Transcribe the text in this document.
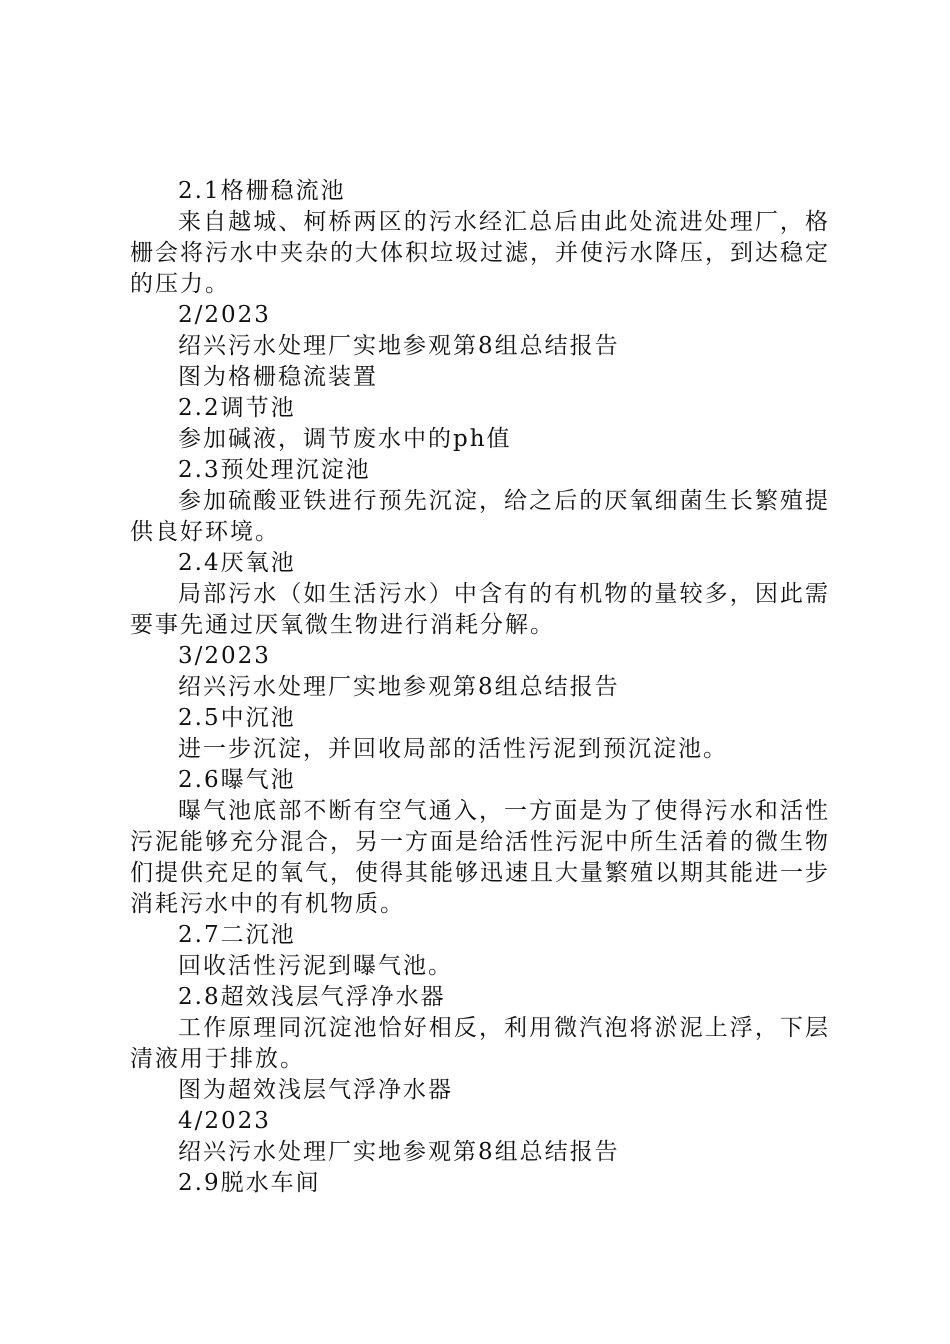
2.1格栅稳流池

来自越城、柯桥两区的污水经汇总后由此处流进处理厂，格栅会将污水中夹杂的大体积垃圾过滤，并使污水降压，到达稳定的压力。

2/2023

绍兴污水处理厂实地参观第8组总结报告

图为格栅稳流装置

2.2调节池

参加碱液，调节废水中的ph值

2.3预处理沉淀池

参加硫酸亚铁进行预先沉淀，给之后的厌氧细菌生长繁殖提供良好环境。

2.4厌氧池

局部污水（如生活污水）中含有的有机物的量较多，因此需要事先通过厌氧微生物进行消耗分解。

3/2023

绍兴污水处理厂实地参观第8组总结报告

2.5中沉池

进一步沉淀，并回收局部的活性污泥到预沉淀池。

2.6曝气池

曝气池底部不断有空气通入，一方面是为了使得污水和活性污泥能够充分混合，另一方面是给活性污泥中所生活着的微生物们提供充足的氧气，使得其能够迅速且大量繁殖以期其能进一步消耗污水中的有机物质。

2.7二沉池

回收活性污泥到曝气池。

2.8超效浅层气浮净水器

工作原理同沉淀池恰好相反，利用微汽泡将淤泥上浮，下层清液用于排放。

图为超效浅层气浮净水器

4/2023

绍兴污水处理厂实地参观第8组总结报告

2.9脱水车间
